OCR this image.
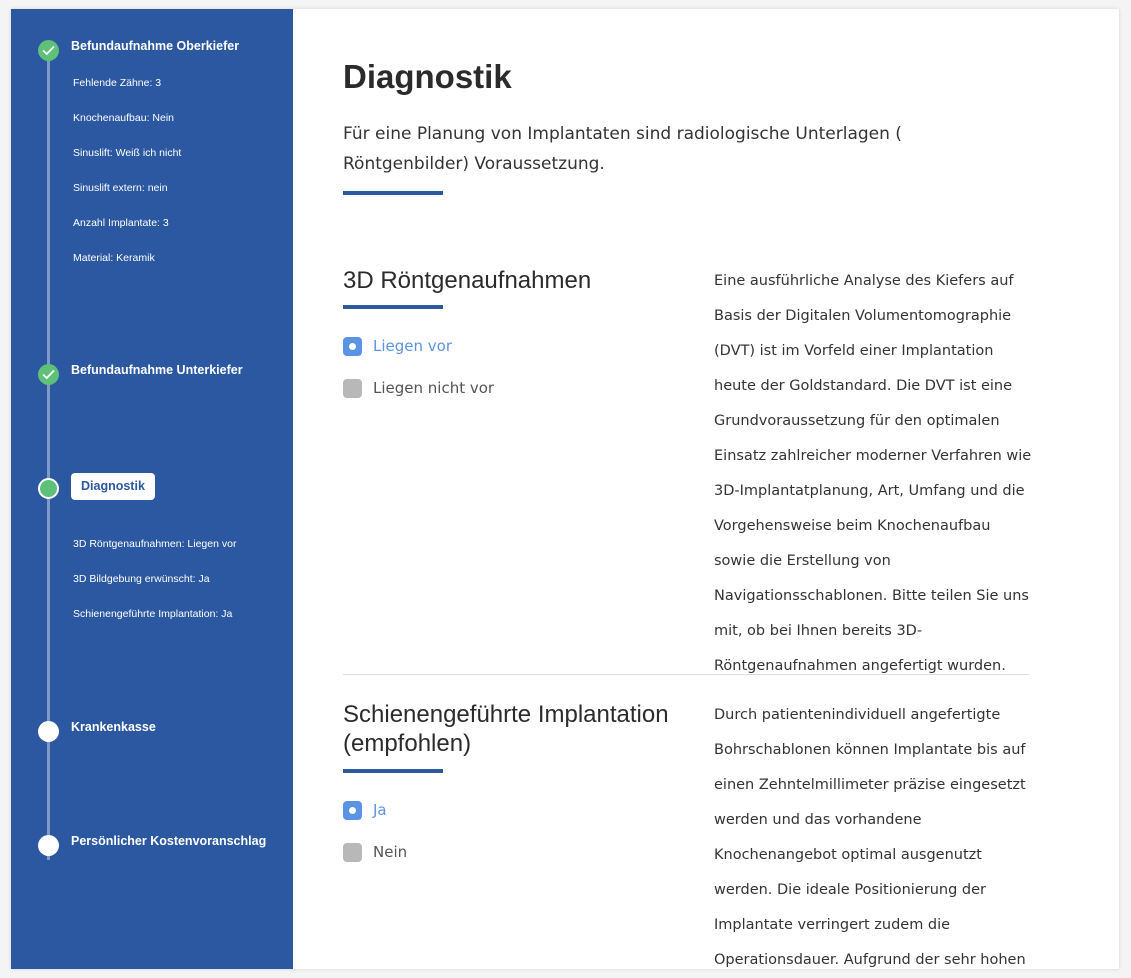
Befundaufnahme Oberkiefer
Fehlende Zähne: 3
Knochenaufbau: Nein
Sinuslift: Weiß ich nicht
Sinuslift extern: nein
Anzahl Implantate: 3
Material: Keramik
Befundaufnahme Unterkiefer
Diagnostik
3D Röntgenaufnahmen: Liegen vor
3D Bildgebung erwünscht: Ja
Schienengeführte Implantation: Ja
Krankenkasse
Persönlicher Kostenvoranschlag
Diagnostik

Für eine Planung von Implantaten sind radiologische Unterlagen ( Röntgenbilder) Voraussetzung.

3D Röntgenaufnahmen
Liegen vor
Liegen nicht vor

Eine ausführliche Analyse des Kiefers auf Basis der Digitalen Volumentomographie (DVT) ist im Vorfeld einer Implantation heute der Goldstandard. Die DVT ist eine Grundvoraussetzung für den optimalen Einsatz zahlreicher moderner Verfahren wie 3D-Implantatplanung, Art, Umfang und die Vorgehensweise beim Knochenaufbau sowie die Erstellung von Navigationsschablonen. Bitte teilen Sie uns mit, ob bei Ihnen bereits 3D-Röntgenaufnahmen angefertigt wurden.

Schienengeführte Implantation (empfohlen)
Ja
Nein

Durch patientenindividuell angefertigte Bohrschablonen können Implantate bis auf einen Zehntelmillimeter präzise eingesetzt werden und das vorhandene Knochenangebot optimal ausgenutzt werden. Die ideale Positionierung der Implantate verringert zudem die Operationsdauer. Aufgrund der sehr hohen
